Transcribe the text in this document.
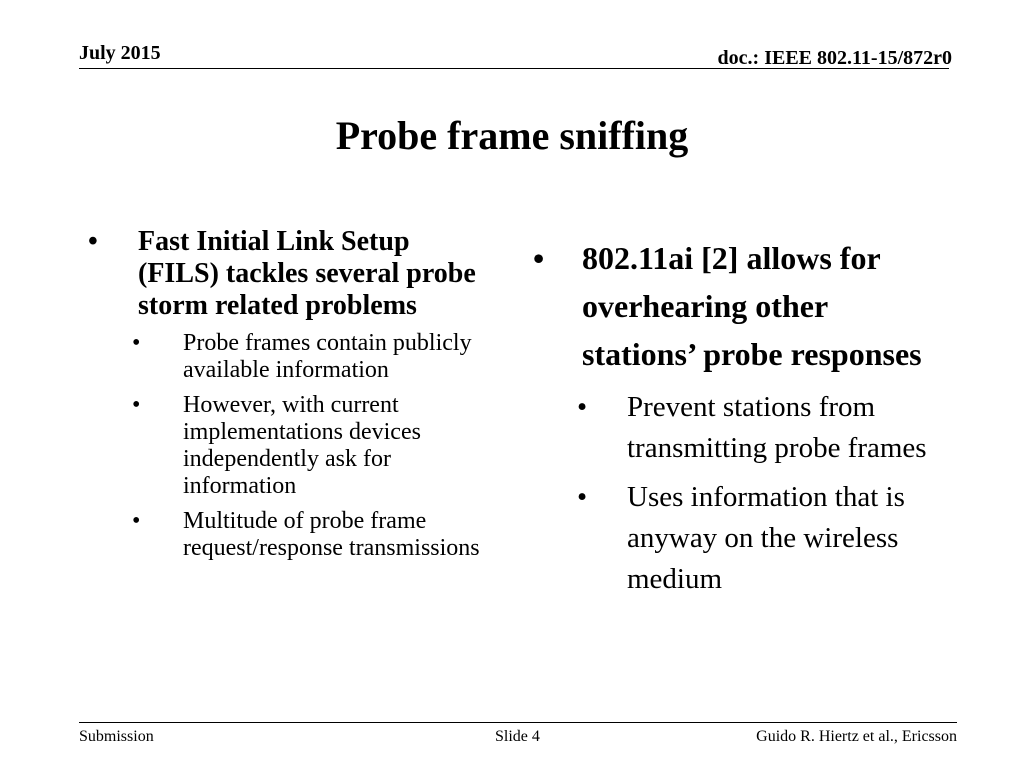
July 2015	doc.: IEEE 802.11-15/872r0
Probe frame sniffing
• Fast Initial Link Setup (FILS) tackles several probe storm related problems
• Probe frames contain publicly available information
• However, with current implementations devices independently ask for information
• Multitude of probe frame request/response transmissions
• 802.11ai [2] allows for overhearing other stations’ probe responses
• Prevent stations from transmitting probe frames
• Uses information that is anyway on the wireless medium
Submission	Slide 4	Guido R. Hiertz et al., Ericsson
